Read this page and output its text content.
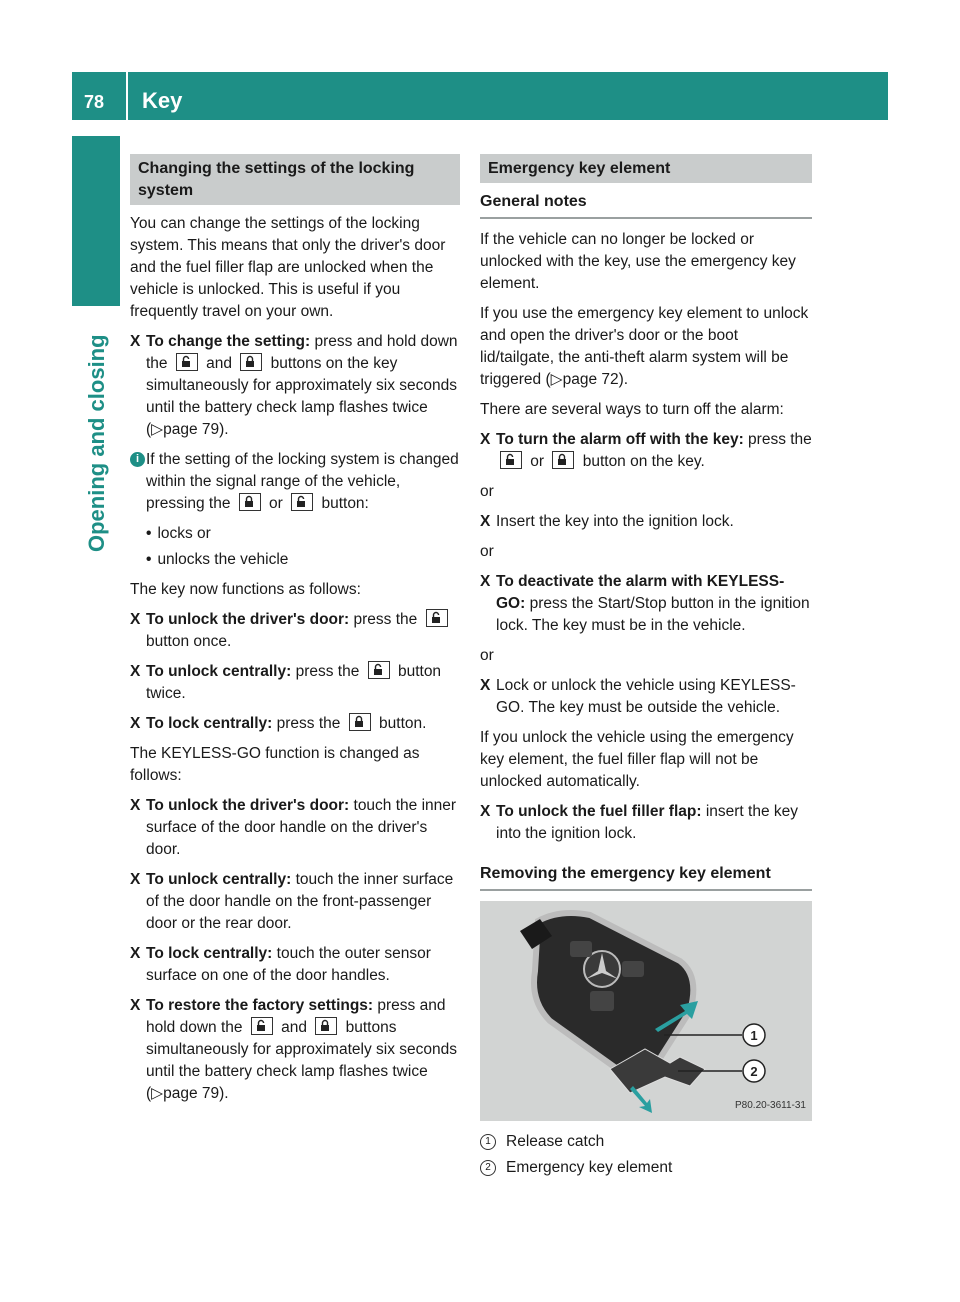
78 Key
Opening and closing
Changing the settings of the locking system

You can change the settings of the locking system. This means that only the driver's door and the fuel filler flap are unlocked when the vehicle is unlocked. This is useful if you frequently travel on your own.

X To change the setting: press and hold down the
and
buttons on the key simultaneously for approximately six seconds until the battery check lamp flashes twice (▷page 79).
i If the setting of the locking system is changed within the signal range of the vehicle, pressing the
or
button:
• locks or
• unlocks the vehicle

The key now functions as follows:

X To unlock the driver's door: press the
button once.
X To unlock centrally: press the
button twice.
X To lock centrally: press the
button.

The KEYLESS-GO function is changed as follows:

X To unlock the driver's door: touch the inner surface of the door handle on the driver's door.
X To unlock centrally: touch the inner surface of the door handle on the front-passenger door or the rear door.
X To lock centrally: touch the outer sensor surface on one of the door handles.
X To restore the factory settings: press and hold down the
and
buttons simultaneously for approximately six seconds until the battery check lamp flashes twice (▷page 79).
Emergency key element
General notes

If the vehicle can no longer be locked or unlocked with the key, use the emergency key element.

If you use the emergency key element to unlock and open the driver's door or the boot lid/tailgate, the anti-theft alarm system will be triggered (▷page 72).

There are several ways to turn off the alarm:

X To turn the alarm off with the key: press the
or
button on the key.

or

X Insert the key into the ignition lock.

or

X To deactivate the alarm with KEYLESS-GO: press the Start/Stop button in the ignition lock. The key must be in the vehicle.

or

X Lock or unlock the vehicle using KEYLESS-GO. The key must be outside the vehicle.

If you unlock the vehicle using the emergency key element, the fuel filler flap will not be unlocked automatically.

X To unlock the fuel filler flap: insert the key into the ignition lock.
Removing the emergency key element
1
2
P80.20-3611-31
1 Release catch
2 Emergency key element
